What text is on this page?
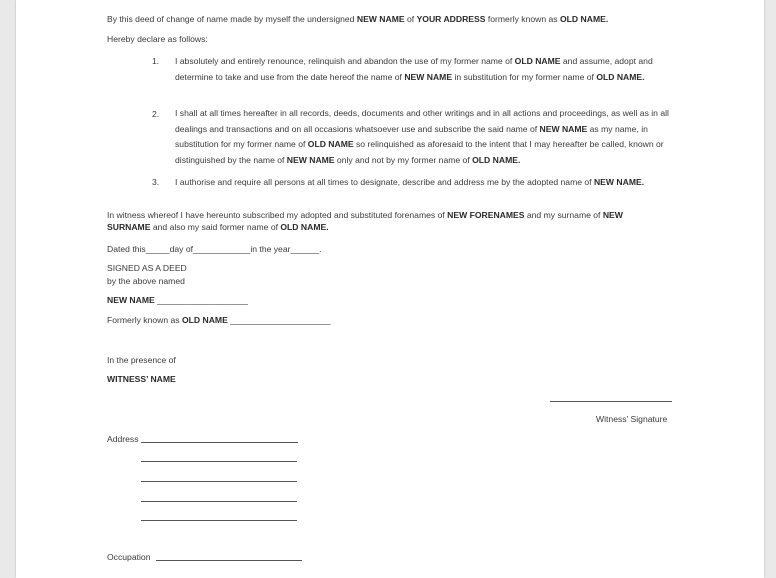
By this deed of change of name made by myself the undersigned NEW NAME of YOUR ADDRESS formerly known as OLD NAME.
Hereby declare as follows:
1. I absolutely and entirely renounce, relinquish and abandon the use of my former name of OLD NAME and assume, adopt and determine to take and use from the date hereof the name of NEW NAME in substitution for my former name of OLD NAME.
2. I shall at all times hereafter in all records, deeds, documents and other writings and in all actions and proceedings, as well as in all dealings and transactions and on all occasions whatsoever use and subscribe the said name of NEW NAME as my name, in substitution for my former name of OLD NAME so relinquished as aforesaid to the intent that I may hereafter be called, known or distinguished by the name of NEW NAME only and not by my former name of OLD NAME.
3. I authorise and require all persons at all times to designate, describe and address me by the adopted name of NEW NAME.
In witness whereof I have hereunto subscribed my adopted and substituted forenames of NEW FORENAMES and my surname of NEW SURNAME and also my said former name of OLD NAME.
Dated this_____day of____________in the year______.
SIGNED AS A DEED
by the above named
NEW NAME ___________________
Formerly known as OLD NAME _____________________
In the presence of
WITNESS’ NAME
Witness’ Signature
Address
Occupation
